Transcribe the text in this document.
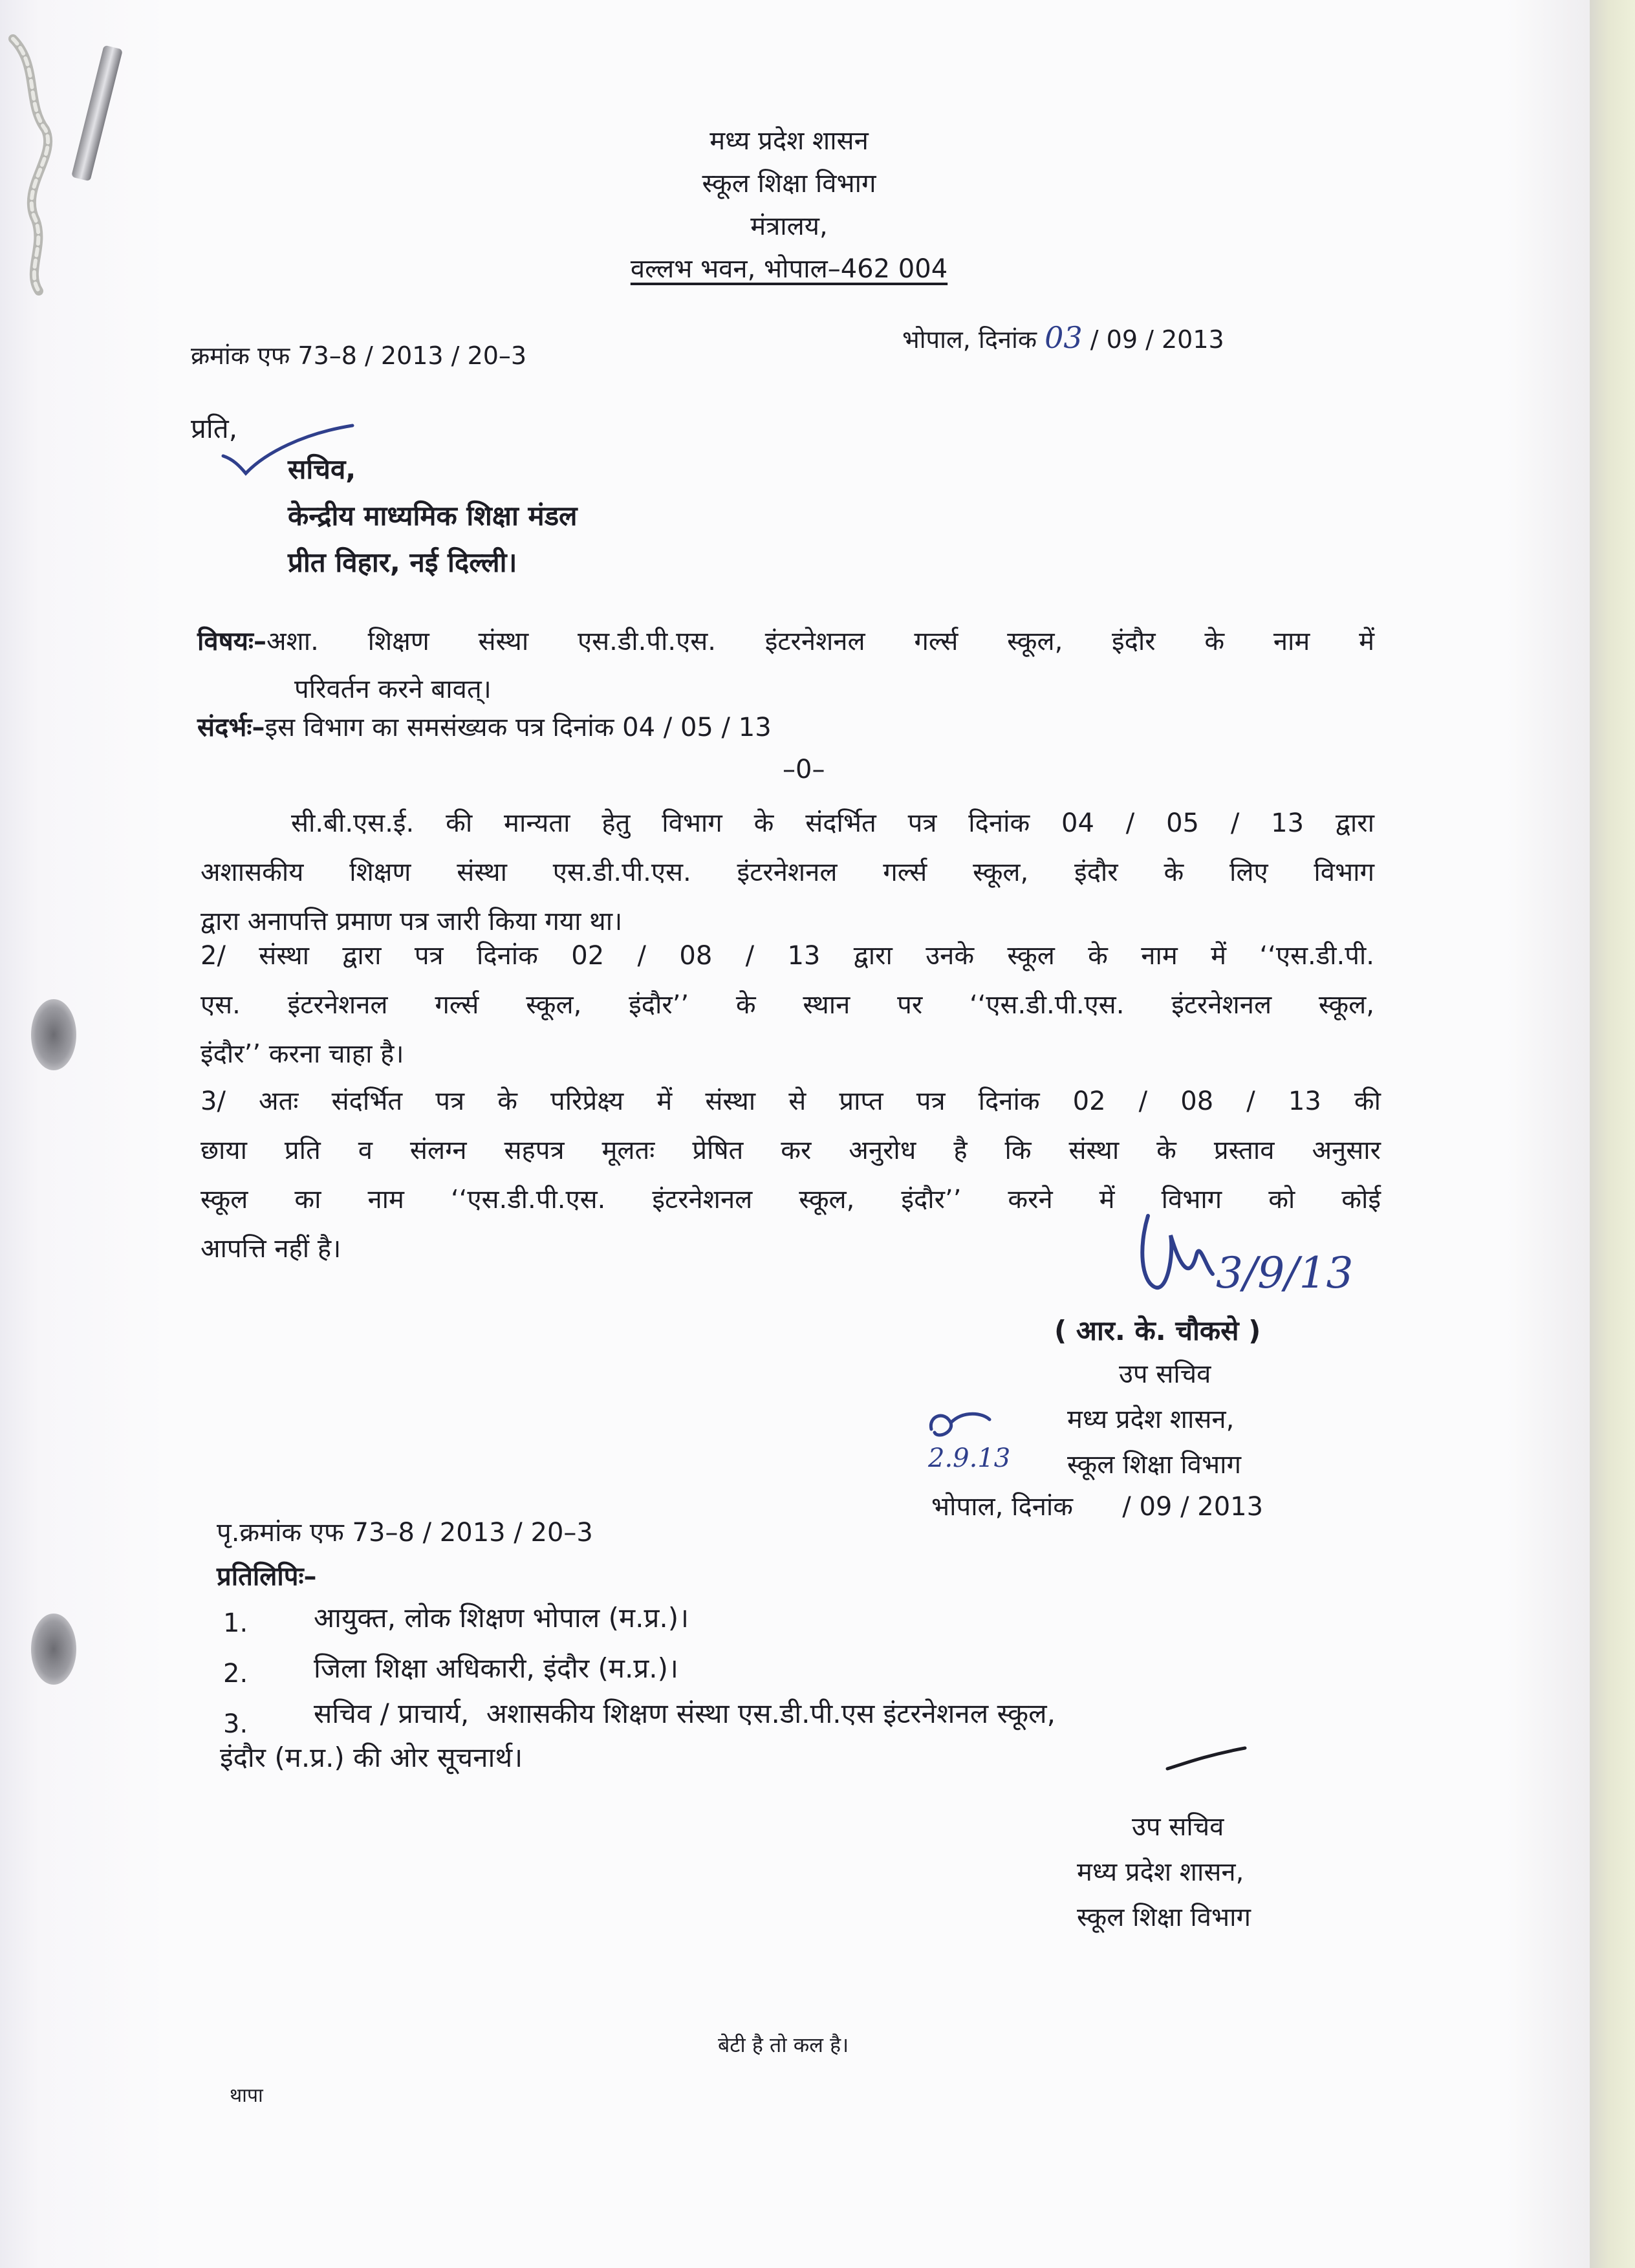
मध्य प्रदेश शासन
स्कूल शिक्षा विभाग
मंत्रालय,
वल्लभ भवन, भोपाल–462 004
क्रमांक एफ 73–8 / 2013 / 20–3
भोपाल, दिनांक 03 / 09 / 2013
प्रति,
सचिव,
केन्द्रीय माध्यमिक शिक्षा मंडल
प्रीत विहार, नई दिल्ली।
विषयः– अशा. शिक्षण संस्था एस.डी.पी.एस. इंटरनेशनल गर्ल्स स्कूल, इंदौर के नाम में
परिवर्तन करने बावत्।
संदर्भः–इस विभाग का समसंख्यक पत्र दिनांक 04 / 05 / 13
–0–
सी.बी.एस.ई. की मान्यता हेतु विभाग के संदर्भित पत्र दिनांक 04 / 05 / 13 द्वारा
अशासकीय शिक्षण संस्था एस.डी.पी.एस. इंटरनेशनल गर्ल्स स्कूल, इंदौर के लिए विभाग
द्वारा अनापत्ति प्रमाण पत्र जारी किया गया था।
2/ संस्था द्वारा पत्र दिनांक 02 / 08 / 13 द्वारा उनके स्कूल के नाम में ‘‘एस.डी.पी.
एस. इंटरनेशनल गर्ल्स स्कूल, इंदौर’’ के स्थान पर ‘‘एस.डी.पी.एस. इंटरनेशनल स्कूल,
इंदौर’’ करना चाहा है।
3/ अतः संदर्भित पत्र के परिप्रेक्ष्य में संस्था से प्राप्त पत्र दिनांक 02 / 08 / 13 की
छाया प्रति व संलग्न सहपत्र मूलतः प्रेषित कर अनुरोध है कि संस्था के प्रस्ताव अनुसार
स्कूल का नाम ‘‘एस.डी.पी.एस. इंटरनेशनल स्कूल, इंदौर’’ करने में विभाग को कोई
आपत्ति नहीं है।	3/9/13
( आर. के. चौकसे )
उप सचिव
मध्य प्रदेश शासन,
स्कूल शिक्षा विभाग
2.9.13
भोपाल, दिनांक      / 09 / 2013
पृ.क्रमांक एफ 73–8 / 2013 / 20–3
प्रतिलिपिः–
1. आयुक्त, लोक शिक्षण भोपाल (म.प्र.)।
2. जिला शिक्षा अधिकारी, इंदौर (म.प्र.)।
3. सचिव / प्राचार्य,  अशासकीय शिक्षण संस्था एस.डी.पी.एस इंटरनेशनल स्कूल,
इंदौर (म.प्र.) की ओर सूचनार्थ।
उप सचिव
मध्य प्रदेश शासन,
स्कूल शिक्षा विभाग
बेटी है तो कल है।
थापा
